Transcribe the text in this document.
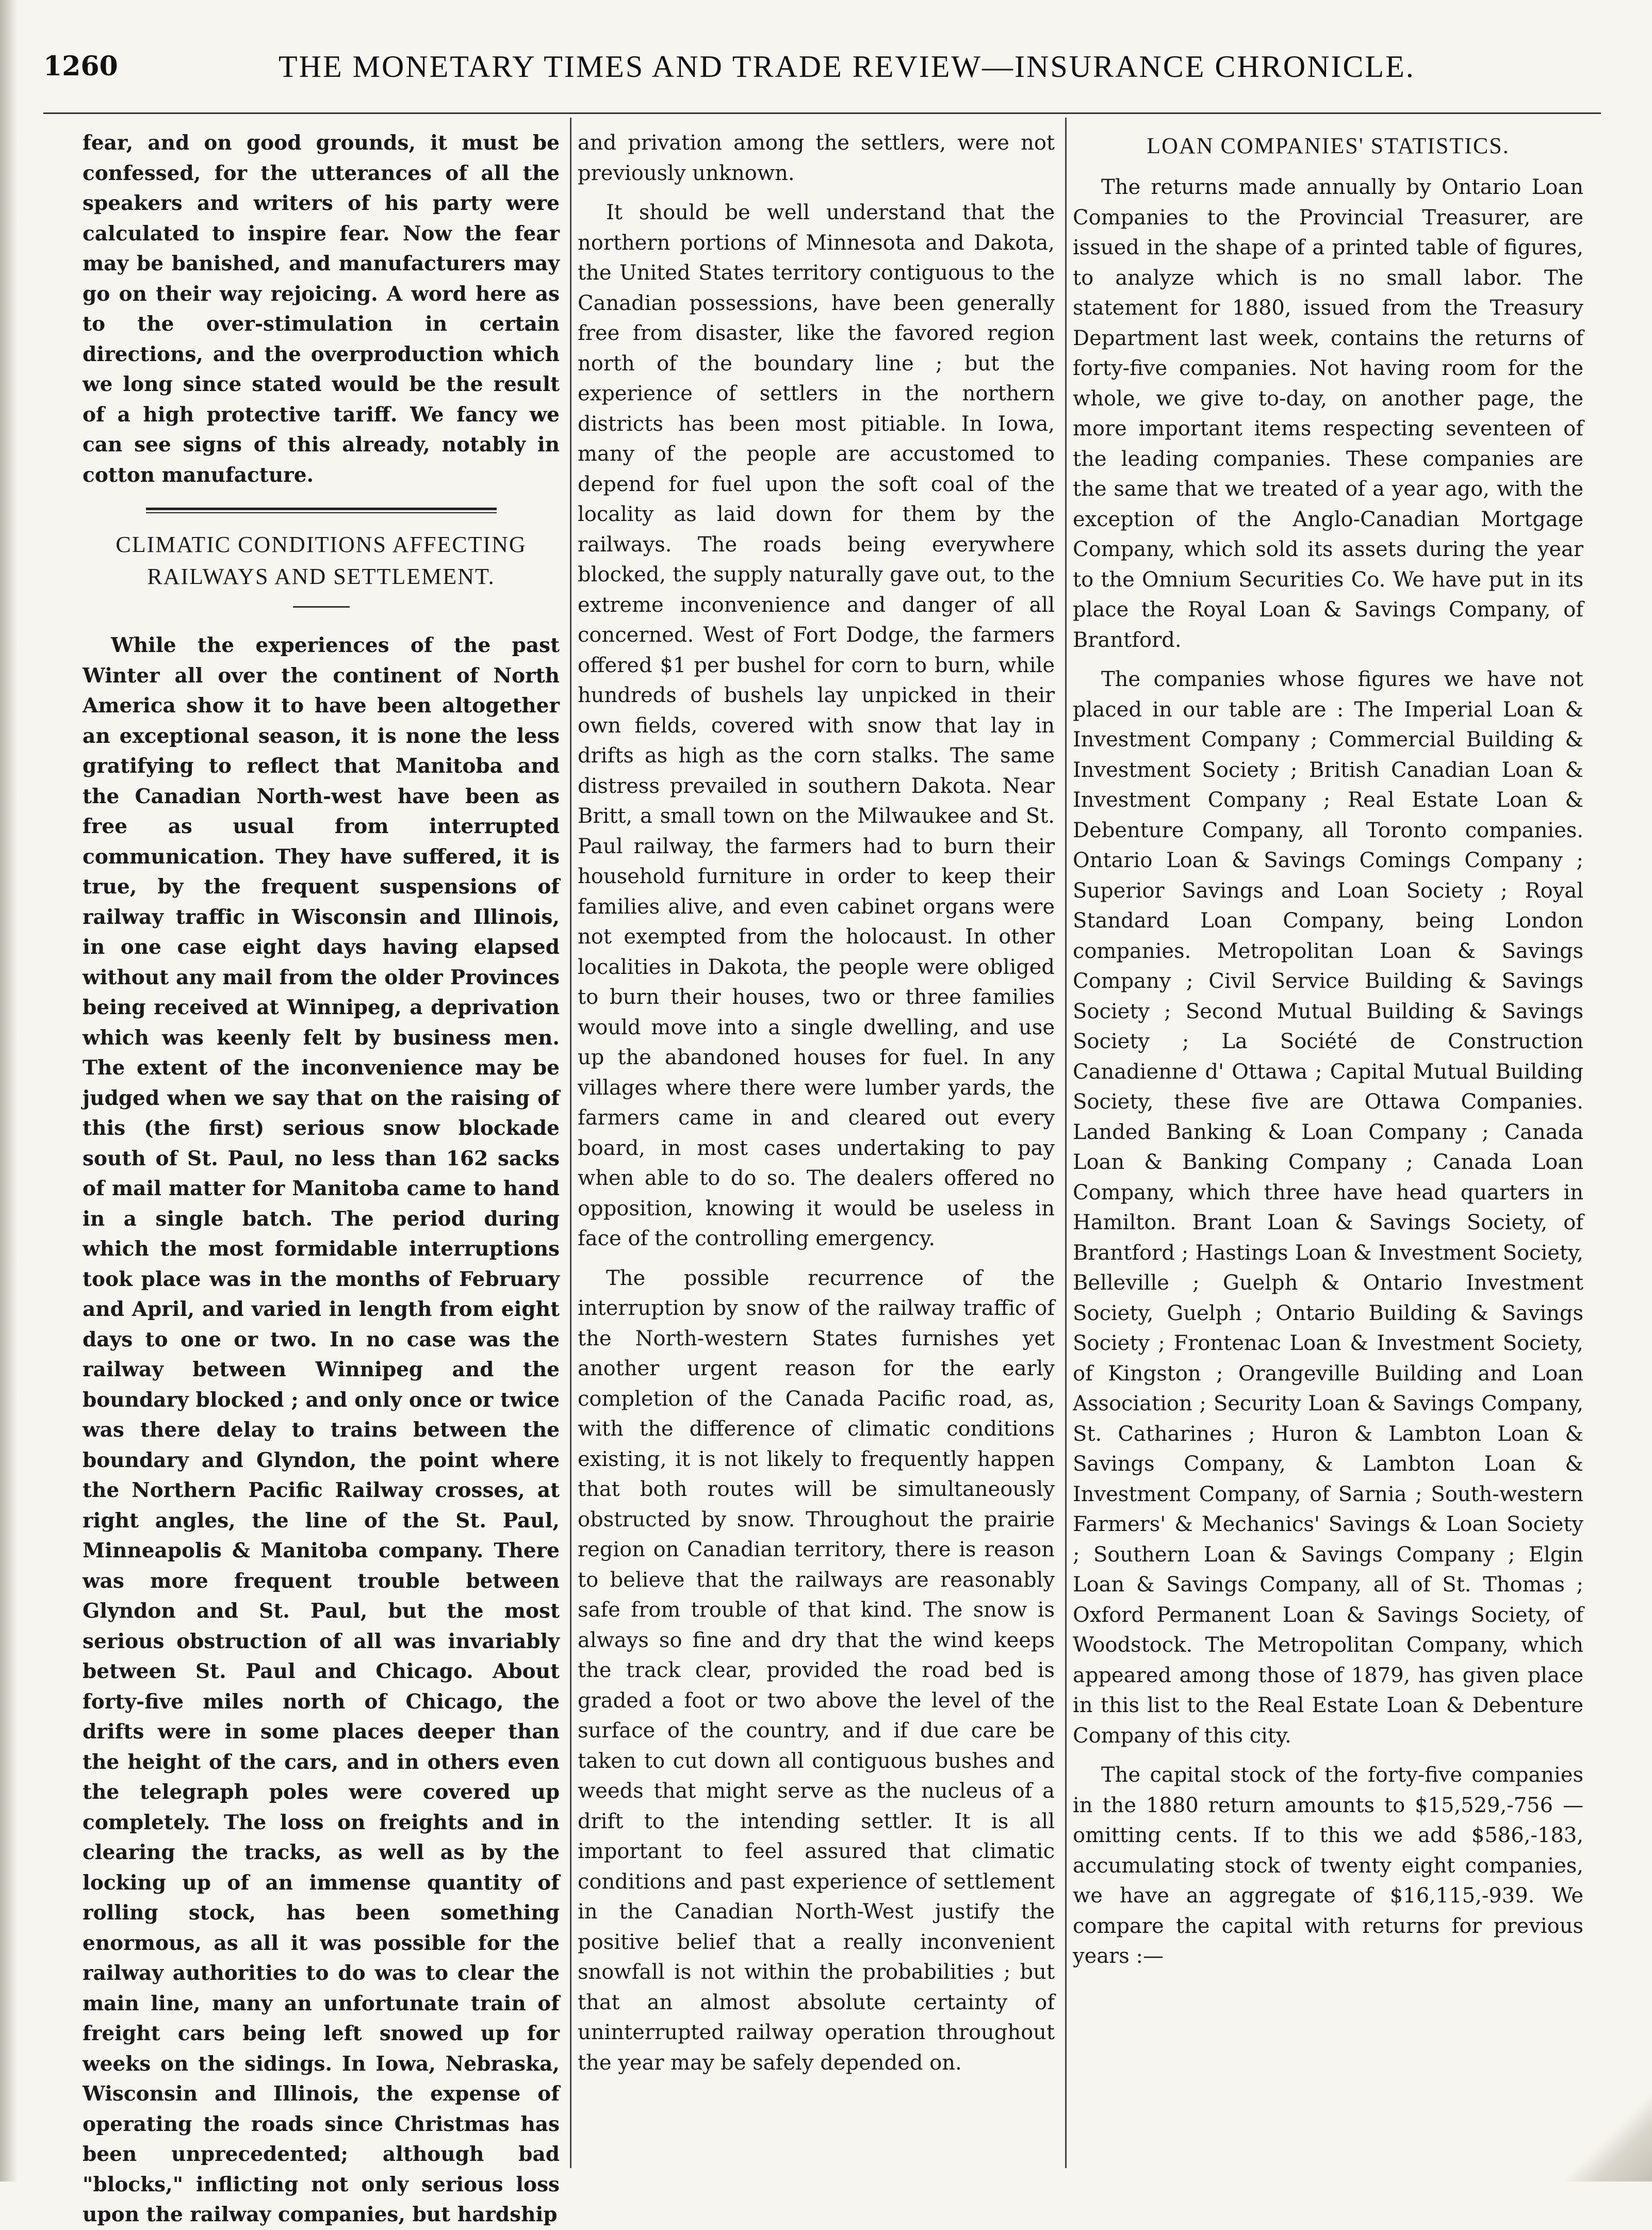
1260	THE MONETARY TIMES AND TRADE REVIEW—INSURANCE CHRONICLE.

fear, and on good grounds, it must be confessed, for the utterances of all the speakers and writers of his party were calculated to inspire fear. Now the fear may be banished, and manufacturers may go on their way rejoicing. A word here as to the over-stimulation in certain directions, and the overproduction which we long since stated would be the result of a high protective tariff. We fancy we can see signs of this already, notably in cotton manufacture.

CLIMATIC CONDITIONS AFFECTING RAILWAYS AND SETTLEMENT.

While the experiences of the past Winter all over the continent of North America show it to have been altogether an exceptional season, it is none the less gratifying to reflect that Manitoba and the Canadian North-west have been as free as usual from interrupted communication. They have suffered, it is true, by the frequent suspensions of railway traffic in Wisconsin and Illinois, in one case eight days having elapsed without any mail from the older Provinces being received at Winnipeg, a deprivation which was keenly felt by business men. The extent of the inconvenience may be judged when we say that on the raising of this (the first) serious snow blockade south of St. Paul, no less than 162 sacks of mail matter for Manitoba came to hand in a single batch. The period during which the most formidable interruptions took place was in the months of February and April, and varied in length from eight days to one or two. In no case was the railway between Winnipeg and the boundary blocked ; and only once or twice was there delay to trains between the boundary and Glyndon, the point where the Northern Pacific Railway crosses, at right angles, the line of the St. Paul, Minneapolis & Manitoba company. There was more frequent trouble between Glyndon and St. Paul, but the most serious obstruction of all was invariably between St. Paul and Chicago. About forty-five miles north of Chicago, the drifts were in some places deeper than the height of the cars, and in others even the telegraph poles were covered up completely. The loss on freights and in clearing the tracks, as well as by the locking up of an immense quantity of rolling stock, has been something enormous, as all it was possible for the railway authorities to do was to clear the main line, many an unfortunate train of freight cars being left snowed up for weeks on the sidings. In Iowa, Nebraska, Wisconsin and Illinois, the expense of operating the roads since Christmas has been unprecedented; although bad "blocks," inflicting not only serious loss upon the railway companies, but hardship

and privation among the settlers, were not previously unknown.

It should be well understand that the northern portions of Minnesota and Dakota, the United States territory contiguous to the Canadian possessions, have been generally free from disaster, like the favored region north of the boundary line ; but the experience of settlers in the northern districts has been most pitiable. In Iowa, many of the people are accustomed to depend for fuel upon the soft coal of the locality as laid down for them by the railways. The roads being everywhere blocked, the supply naturally gave out, to the extreme inconvenience and danger of all concerned. West of Fort Dodge, the farmers offered $1 per bushel for corn to burn, while hundreds of bushels lay unpicked in their own fields, covered with snow that lay in drifts as high as the corn stalks. The same distress prevailed in southern Dakota. Near Britt, a small town on the Milwaukee and St. Paul railway, the farmers had to burn their household furniture in order to keep their families alive, and even cabinet organs were not exempted from the holocaust. In other localities in Dakota, the people were obliged to burn their houses, two or three families would move into a single dwelling, and use up the abandoned houses for fuel. In any villages where there were lumber yards, the farmers came in and cleared out every board, in most cases undertaking to pay when able to do so. The dealers offered no opposition, knowing it would be useless in face of the controlling emergency.

The possible recurrence of the interruption by snow of the railway traffic of the North-western States furnishes yet another urgent reason for the early completion of the Canada Pacific road, as, with the difference of climatic conditions existing, it is not likely to frequently happen that both routes will be simultaneously obstructed by snow. Throughout the prairie region on Canadian territory, there is reason to believe that the railways are reasonably safe from trouble of that kind. The snow is always so fine and dry that the wind keeps the track clear, provided the road bed is graded a foot or two above the level of the surface of the country, and if due care be taken to cut down all contiguous bushes and weeds that might serve as the nucleus of a drift to the intending settler. It is all important to feel assured that climatic conditions and past experience of settlement in the Canadian North-West justify the positive belief that a really inconvenient snowfall is not within the probabilities ; but that an almost absolute certainty of uninterrupted railway operation throughout the year may be safely depended on.

LOAN COMPANIES' STATISTICS.

The returns made annually by Ontario Loan Companies to the Provincial Treasurer, are issued in the shape of a printed table of figures, to analyze which is no small labor. The statement for 1880, issued from the Treasury Department last week, contains the returns of forty-five companies. Not having room for the whole, we give to-day, on another page, the more important items respecting seventeen of the leading companies. These companies are the same that we treated of a year ago, with the exception of the Anglo-Canadian Mortgage Company, which sold its assets during the year to the Omnium Securities Co. We have put in its place the Royal Loan & Savings Company, of Brantford.

The companies whose figures we have not placed in our table are : The Imperial Loan & Investment Company ; Commercial Building & Investment Society ; British Canadian Loan & Investment Company ; Real Estate Loan & Debenture Company, all Toronto companies. Ontario Loan & Savings Comings Company ; Superior Savings and Loan Society ; Royal Standard Loan Company, being London companies. Metropolitan Loan & Savings Company ; Civil Service Building & Savings Society ; Second Mutual Building & Savings Society ; La Société de Construction Canadienne d' Ottawa ; Capital Mutual Building Society, these five are Ottawa Companies. Landed Banking & Loan Company ; Canada Loan & Banking Company ; Canada Loan Company, which three have head quarters in Hamilton. Brant Loan & Savings Society, of Brantford ; Hastings Loan & Investment Society, Belleville ; Guelph & Ontario Investment Society, Guelph ; Ontario Building & Savings Society ; Frontenac Loan & Investment Society, of Kingston ; Orangeville Building and Loan Association ; Security Loan & Savings Company, St. Catharines ; Huron & Lambton Loan & Savings Company, & Lambton Loan & Investment Company, of Sarnia ; South-western Farmers' & Mechanics' Savings & Loan Society ; Southern Loan & Savings Company ; Elgin Loan & Savings Company, all of St. Thomas ; Oxford Permanent Loan & Savings Society, of Woodstock. The Metropolitan Company, which appeared among those of 1879, has given place in this list to the Real Estate Loan & Debenture Company of this city.

The capital stock of the forty-five companies in the 1880 return amounts to $15,529,-756 —omitting cents. If to this we add $586,-183, accumulating stock of twenty eight companies, we have an aggregate of $16,115,-939. We compare the capital with returns for previous years :—
